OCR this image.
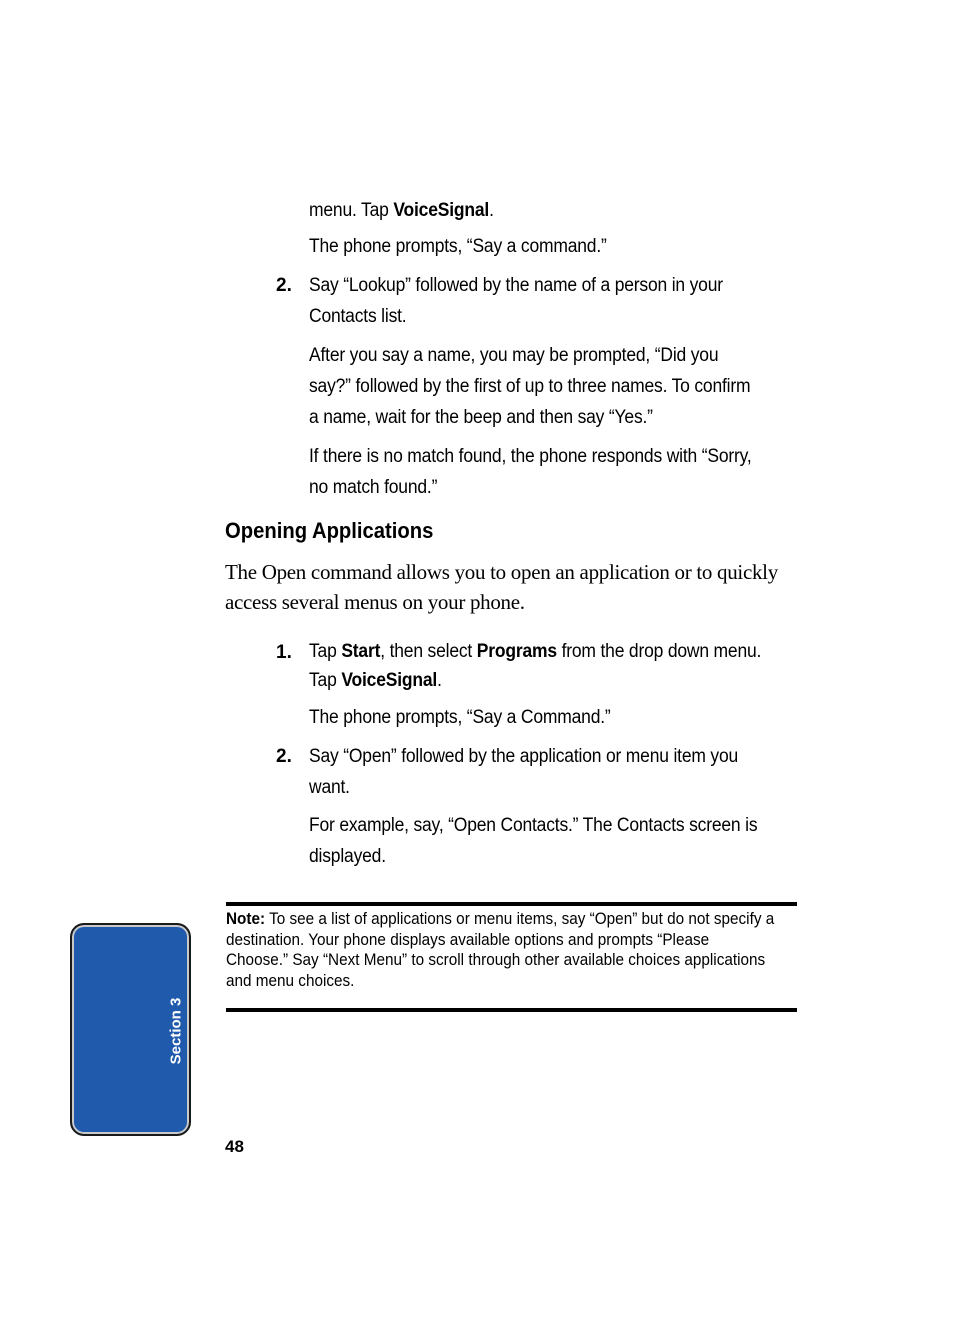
menu. Tap VoiceSignal.
The phone prompts, “Say a command.”
2. Say “Lookup” followed by the name of a person in your Contacts list.
After you say a name, you may be prompted, “Did you say?” followed by the first of up to three names. To confirm a name, wait for the beep and then say “Yes.”
If there is no match found, the phone responds with “Sorry, no match found.”
Opening Applications
The Open command allows you to open an application or to quickly access several menus on your phone.
1. Tap Start, then select Programs from the drop down menu. Tap VoiceSignal.
The phone prompts, “Say a Command.”
2. Say “Open” followed by the application or menu item you want.
For example, say, “Open Contacts.” The Contacts screen is displayed.
Note: To see a list of applications or menu items, say “Open” but do not specify a destination. Your phone displays available options and prompts “Please Choose.” Say “Next Menu” to scroll through other available choices applications and menu choices.
Section 3
48
